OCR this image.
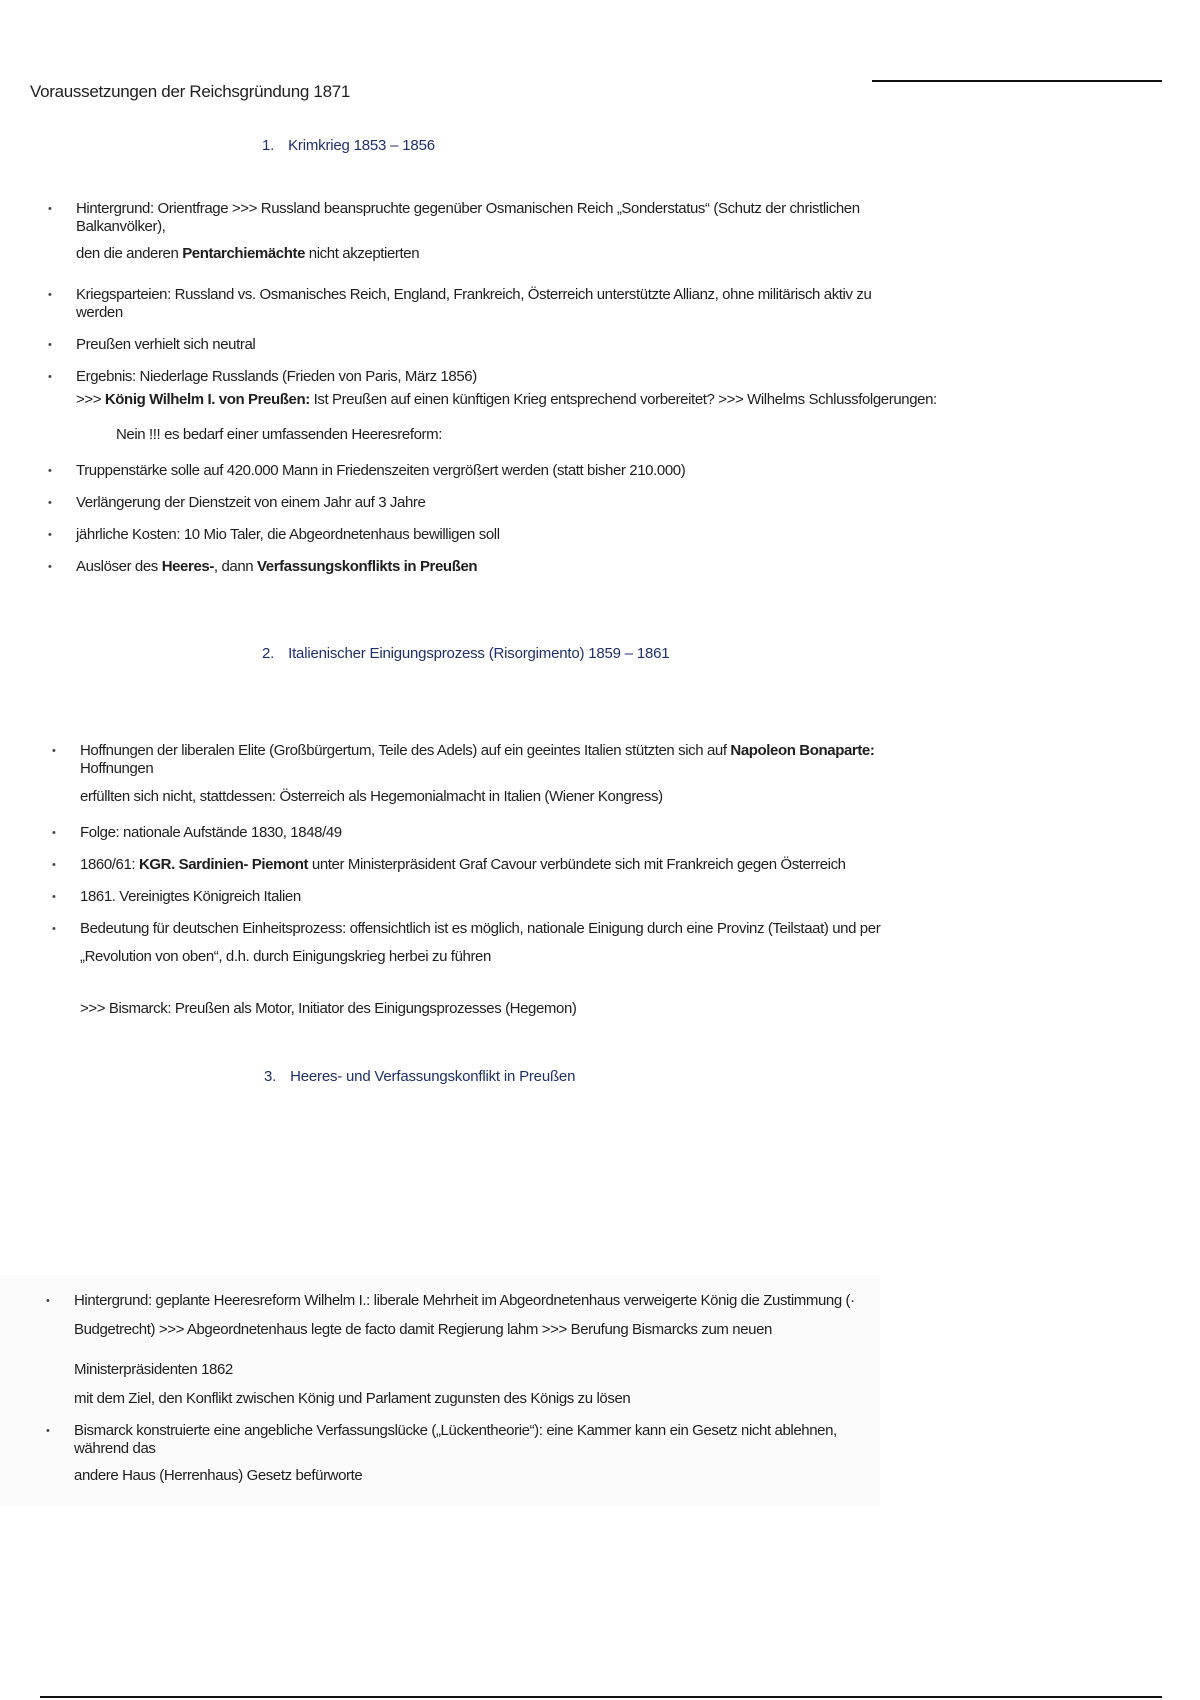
Voraussetzungen der Reichsgründung 1871
1. Krimkrieg 1853 – 1856
• Hintergrund: Orientfrage >>> Russland beanspruchte gegenüber Osmanischen Reich „Sonderstatus“ (Schutz der christlichen Balkanvölker),
den die anderen Pentarchiemächte nicht akzeptierten
• Kriegsparteien: Russland vs. Osmanisches Reich, England, Frankreich, Österreich unterstützte Allianz, ohne militärisch aktiv zu werden
• Preußen verhielt sich neutral
• Ergebnis: Niederlage Russlands (Frieden von Paris, März 1856)
>>> König Wilhelm I. von Preußen: Ist Preußen auf einen künftigen Krieg entsprechend vorbereitet? >>> Wilhelms Schlussfolgerungen:
Nein !!! es bedarf einer umfassenden Heeresreform:
• Truppenstärke solle auf 420.000 Mann in Friedenszeiten vergrößert werden (statt bisher 210.000)
• Verlängerung der Dienstzeit von einem Jahr auf 3 Jahre
• jährliche Kosten: 10 Mio Taler, die Abgeordnetenhaus bewilligen soll
• Auslöser des Heeres-, dann Verfassungskonflikts in Preußen
2. Italienischer Einigungsprozess (Risorgimento) 1859 – 1861
• Hoffnungen der liberalen Elite (Großbürgertum, Teile des Adels) auf ein geeintes Italien stützten sich auf Napoleon Bonaparte: Hoffnungen
erfüllten sich nicht, stattdessen: Österreich als Hegemonialmacht in Italien (Wiener Kongress)
• Folge: nationale Aufstände 1830, 1848/49
• 1860/61: KGR. Sardinien- Piemont unter Ministerpräsident Graf Cavour verbündete sich mit Frankreich gegen Österreich
• 1861. Vereinigtes Königreich Italien
• Bedeutung für deutschen Einheitsprozess: offensichtlich ist es möglich, nationale Einigung durch eine Provinz (Teilstaat) und per
„Revolution von oben“, d.h. durch Einigungskrieg herbei zu führen
>>> Bismarck: Preußen als Motor, Initiator des Einigungsprozesses (Hegemon)
3. Heeres- und Verfassungskonflikt in Preußen
• Hintergrund: geplante Heeresreform Wilhelm I.: liberale Mehrheit im Abgeordnetenhaus verweigerte König die Zustimmung (·
Budgetrecht) >>> Abgeordnetenhaus legte de facto damit Regierung lahm >>> Berufung Bismarcks zum neuen Ministerpräsidenten 1862
mit dem Ziel, den Konflikt zwischen König und Parlament zugunsten des Königs zu lösen
• Bismarck konstruierte eine angebliche Verfassungslücke („Lückentheorie“): eine Kammer kann ein Gesetz nicht ablehnen, während das
andere Haus (Herrenhaus) Gesetz befürworte
